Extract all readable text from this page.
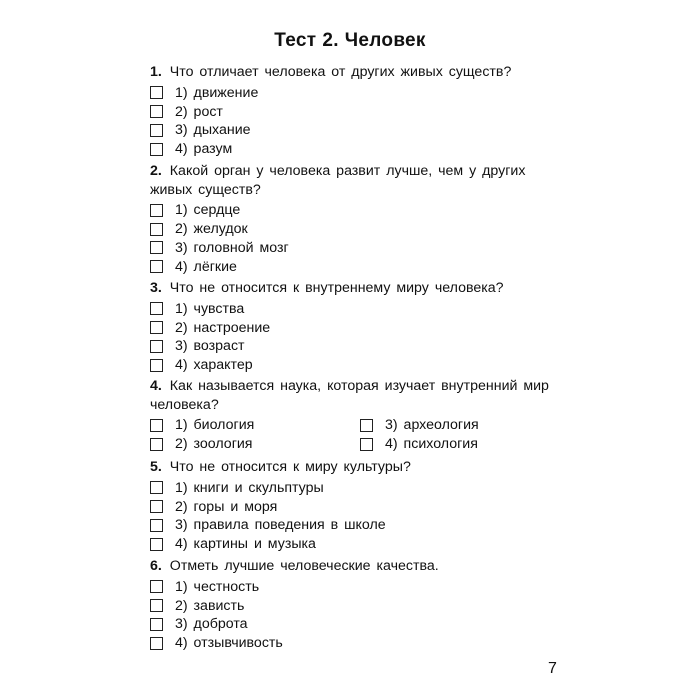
Тест 2. Человек

1. Что отличает человека от других живых существ?

1) движение
2) рост
3) дыхание
4) разум

2. Какой орган у человека развит лучше, чем у других живых существ?

1) сердце
2) желудок
3) головной мозг
4) лёгкие

3. Что не относится к внутреннему миру человека?

1) чувства
2) настроение
3) возраст
4) характер

4. Как называется наука, которая изучает внутренний мир человека?

1) биология
2) зоология
3) археология
4) психология

5. Что не относится к миру культуры?

1) книги и скульптуры
2) горы и моря
3) правила поведения в школе
4) картины и музыка

6. Отметь лучшие человеческие качества.

1) честность
2) зависть
3) доброта
4) отзывчивость
7
